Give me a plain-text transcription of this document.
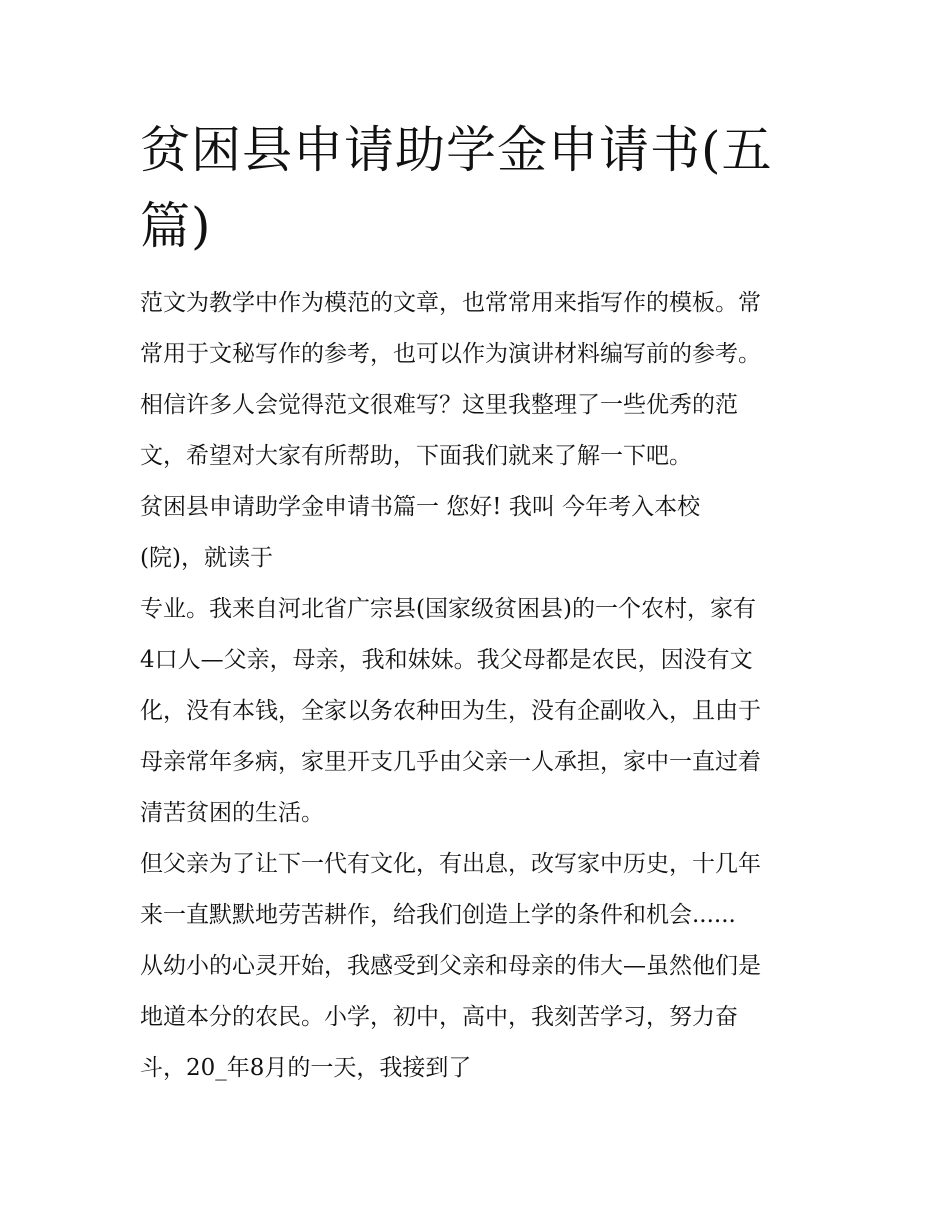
贫困县申请助学金申请书(五篇)

范文为教学中作为模范的文章，也常常用来指写作的模板。常
常用于文秘写作的参考，也可以作为演讲材料编写前的参考。
相信许多人会觉得范文很难写？这里我整理了一些优秀的范
文，希望对大家有所帮助，下面我们就来了解一下吧。

贫困县申请助学金申请书篇一 您好! 我叫 今年考入本校
(院)，就读于

专业。我来自河北省广宗县(国家级贫困县)的一个农村，家有
4口人—父亲，母亲，我和妹妹。我父母都是农民，因没有文
化，没有本钱，全家以务农种田为生，没有企副收入，且由于
母亲常年多病，家里开支几乎由父亲一人承担，家中一直过着
清苦贫困的生活。

但父亲为了让下一代有文化，有出息，改写家中历史，十几年
来一直默默地劳苦耕作，给我们创造上学的条件和机会......

从幼小的心灵开始，我感受到父亲和母亲的伟大—虽然他们是
地道本分的农民。小学，初中，高中，我刻苦学习，努力奋
斗，20_年8月的一天，我接到了
